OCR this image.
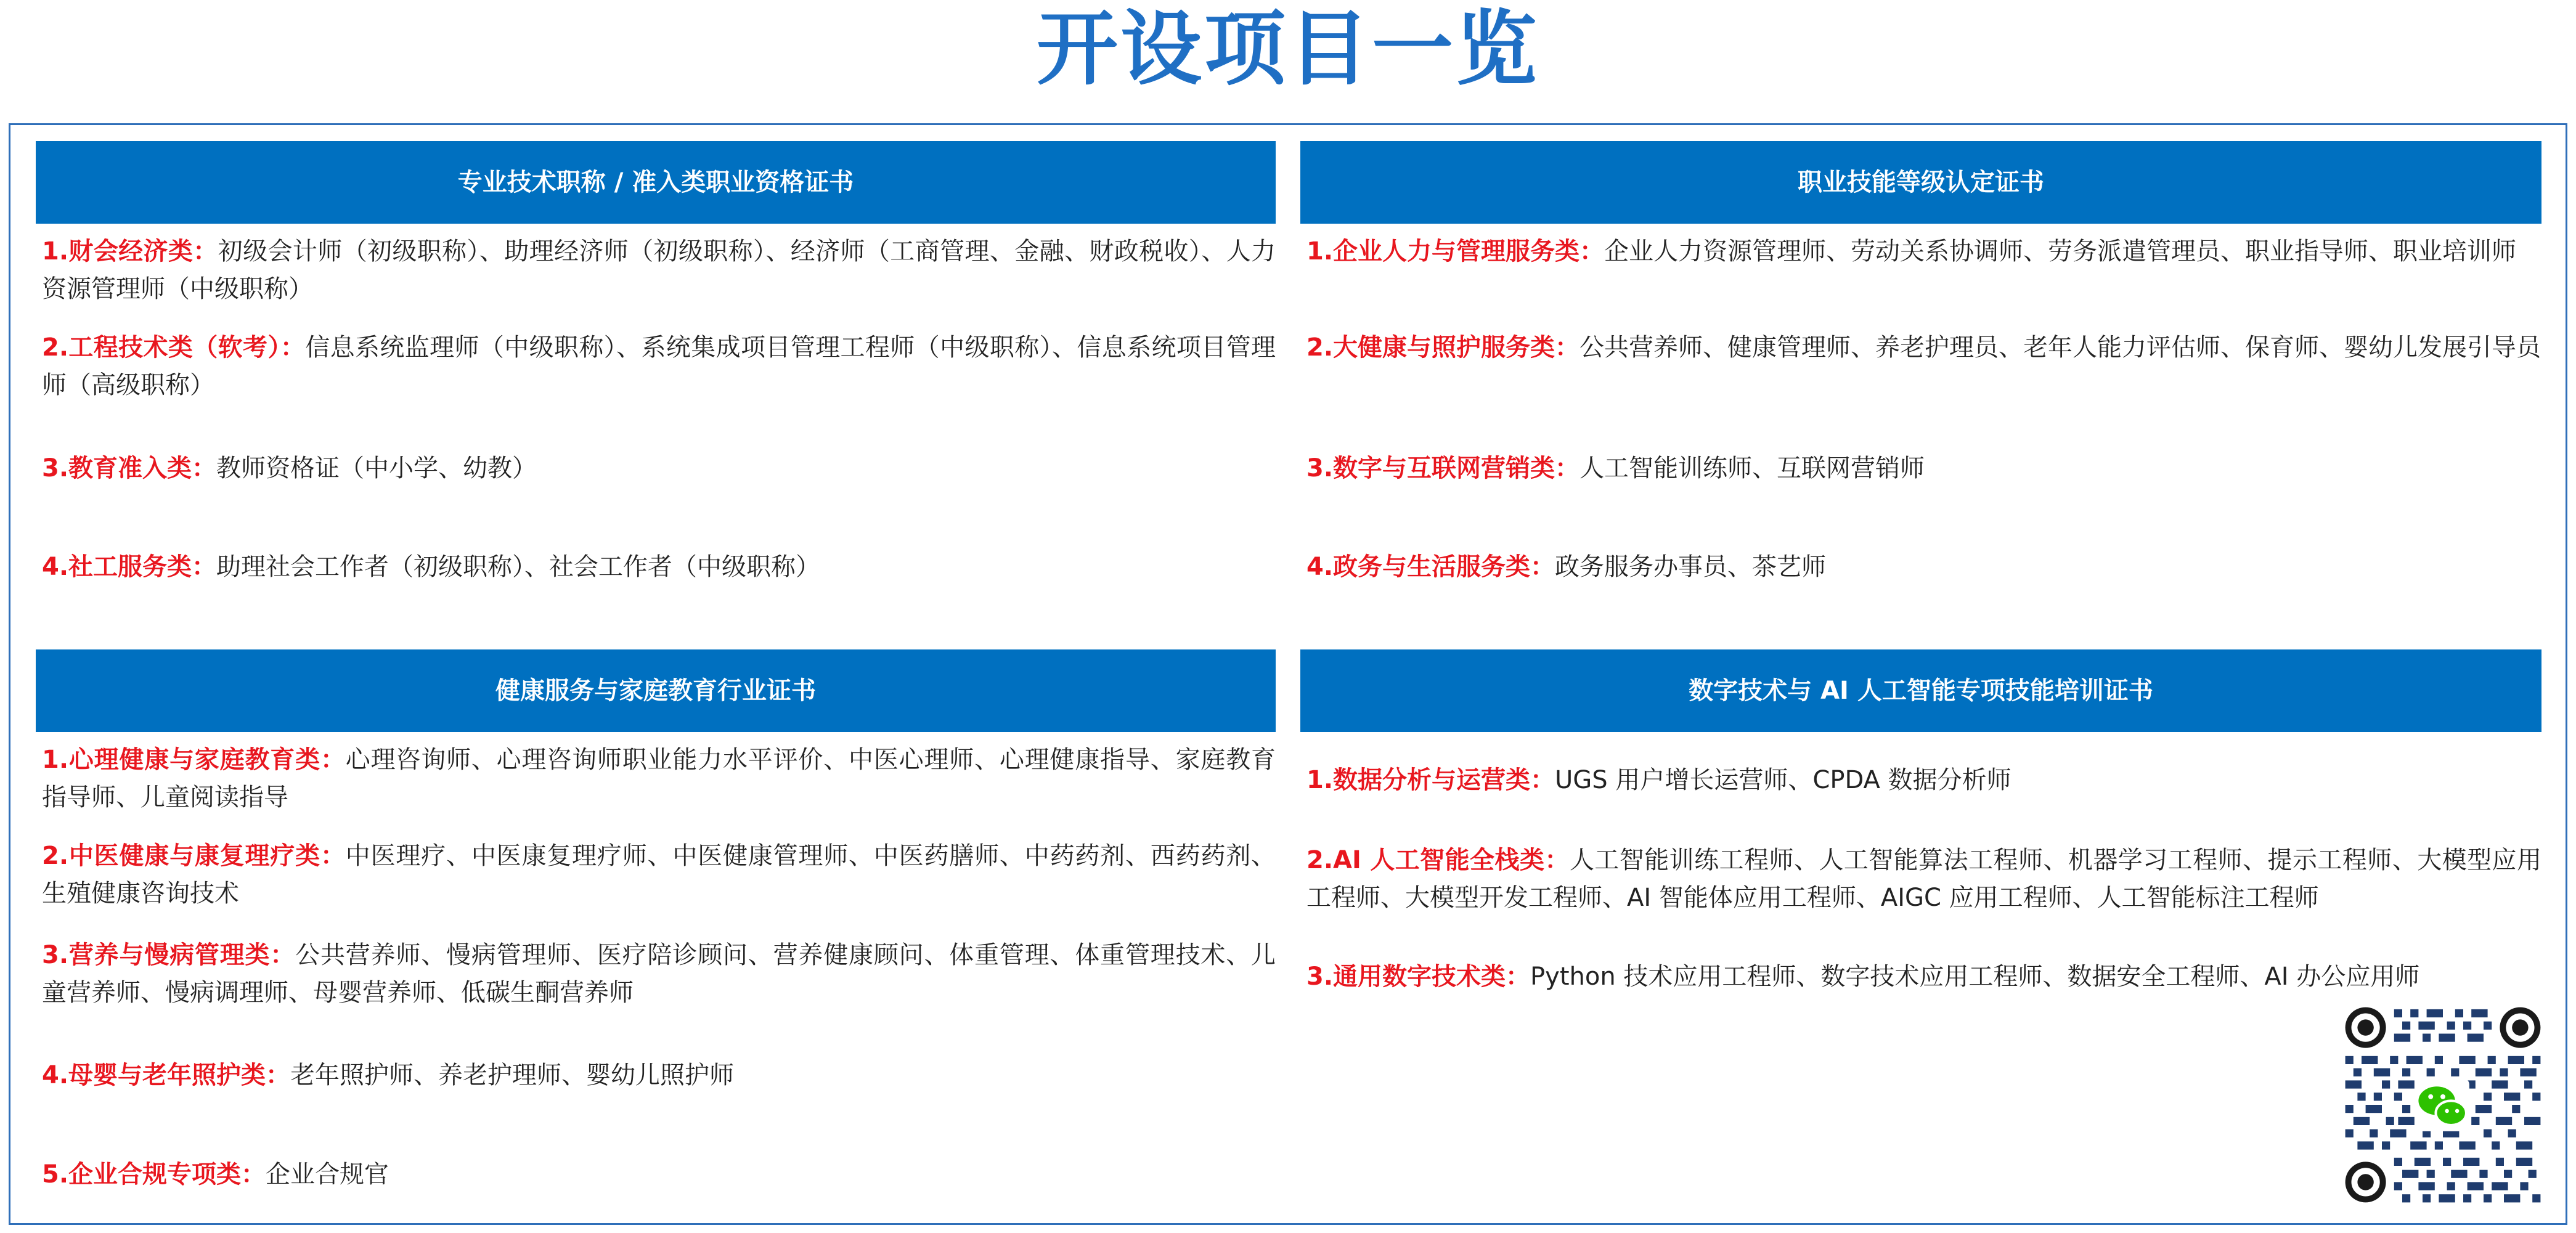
开设项目一览
专业技术职称 / 准入类职业资格证书
1.财会经济类：初级会计师（初级职称）、助理经济师（初级职称）、经济师（工商管理、金融、财政税收）、人力资源管理师（中级职称）
2.工程技术类（软考）：信息系统监理师（中级职称）、系统集成项目管理工程师（中级职称）、信息系统项目管理师（高级职称）
3.教育准入类：教师资格证（中小学、幼教）
4.社工服务类：助理社会工作者（初级职称）、社会工作者（中级职称）
职业技能等级认定证书
1.企业人力与管理服务类：企业人力资源管理师、劳动关系协调师、劳务派遣管理员、职业指导师、职业培训师
2.大健康与照护服务类：公共营养师、健康管理师、养老护理员、老年人能力评估师、保育师、婴幼儿发展引导员
3.数字与互联网营销类：人工智能训练师、互联网营销师
4.政务与生活服务类：政务服务办事员、茶艺师
健康服务与家庭教育行业证书
1.心理健康与家庭教育类：心理咨询师、心理咨询师职业能力水平评价、中医心理师、心理健康指导、家庭教育指导师、儿童阅读指导
2.中医健康与康复理疗类：中医理疗、中医康复理疗师、中医健康管理师、中医药膳师、中药药剂、西药药剂、生殖健康咨询技术
3.营养与慢病管理类：公共营养师、慢病管理师、医疗陪诊顾问、营养健康顾问、体重管理、体重管理技术、儿童营养师、慢病调理师、母婴营养师、低碳生酮营养师
4.母婴与老年照护类：老年照护师、养老护理师、婴幼儿照护师
5.企业合规专项类：企业合规官
数字技术与 AI 人工智能专项技能培训证书
1.数据分析与运营类：UGS 用户增长运营师、CPDA 数据分析师
2.AI 人工智能全栈类：人工智能训练工程师、人工智能算法工程师、机器学习工程师、提示工程师、大模型应用工程师、大模型开发工程师、AI 智能体应用工程师、AIGC 应用工程师、人工智能标注工程师
3.通用数字技术类：Python 技术应用工程师、数字技术应用工程师、数据安全工程师、AI 办公应用师
